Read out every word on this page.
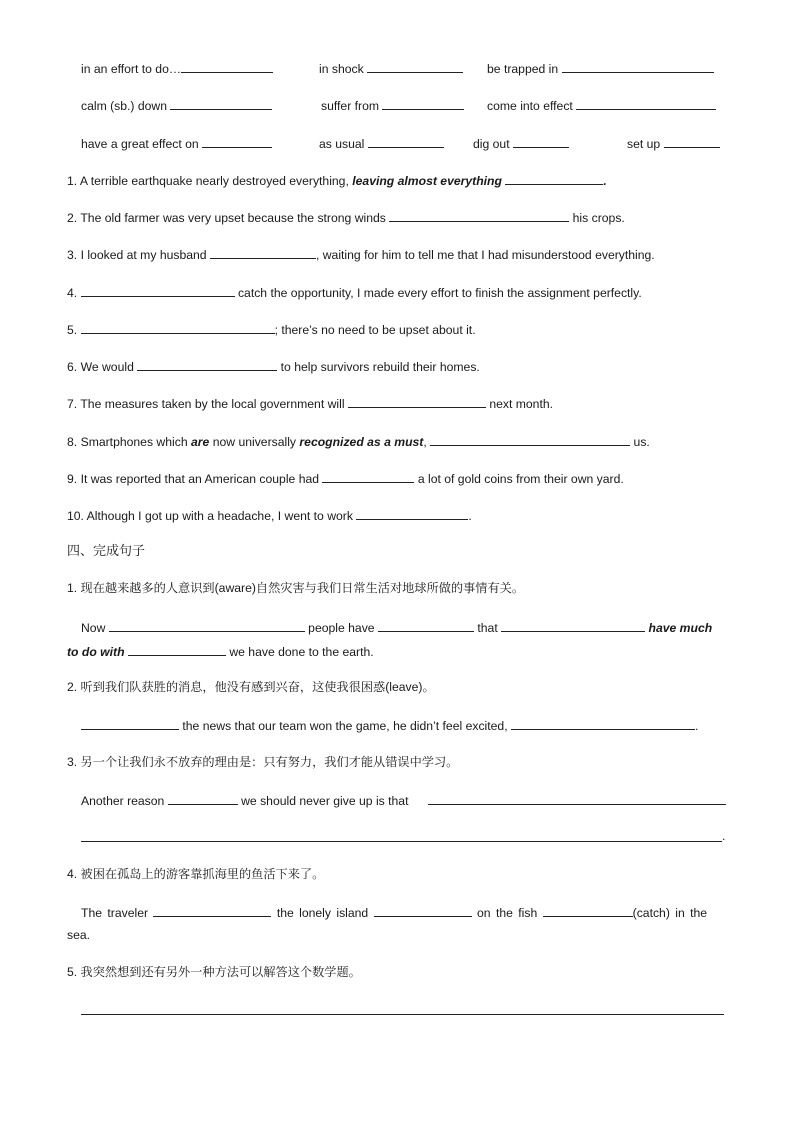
in an effort to do…	in shock	be trapped in
calm (sb.) down	suffer from	come into effect
have a great effect on	as usual	dig out	set up
1. A terrible earthquake nearly destroyed everything, leaving almost everything	.
2. The old farmer was very upset because the strong winds	his crops.
3. I looked at my husband	, waiting for him to tell me that I had misunderstood everything.
4.	catch the opportunity, I made every effort to finish the assignment perfectly.
5.	; there’s no need to be upset about it.
6. We would	to help survivors rebuild their homes.
7. The measures taken by the local government will	next month.
8. Smartphones which are now universally recognized as a must,	us.
9. It was reported that an American couple had	a lot of gold coins from their own yard.
10. Although I got up with a headache, I went to work	.
四、完成句子
1. 现在越来越多的人意识到(aware)自然灾害与我们日常生活对地球所做的事情有关。
Now	people have	that	have much
to do with	we have done to the earth.
2. 听到我们队获胜的消息，他没有感到兴奋，这使我很困惑(leave)。
the news that our team won the game, he didn’t feel excited,	.
3. 另一个让我们永不放弃的理由是：只有努力，我们才能从错误中学习。
Another reason	we should never give up is that
.
4. 被困在孤岛上的游客靠抓海里的鱼活下来了。
The traveler	the lonely island	on the fish	(catch) in the
sea.
5. 我突然想到还有另外一种方法可以解答这个数学题。
